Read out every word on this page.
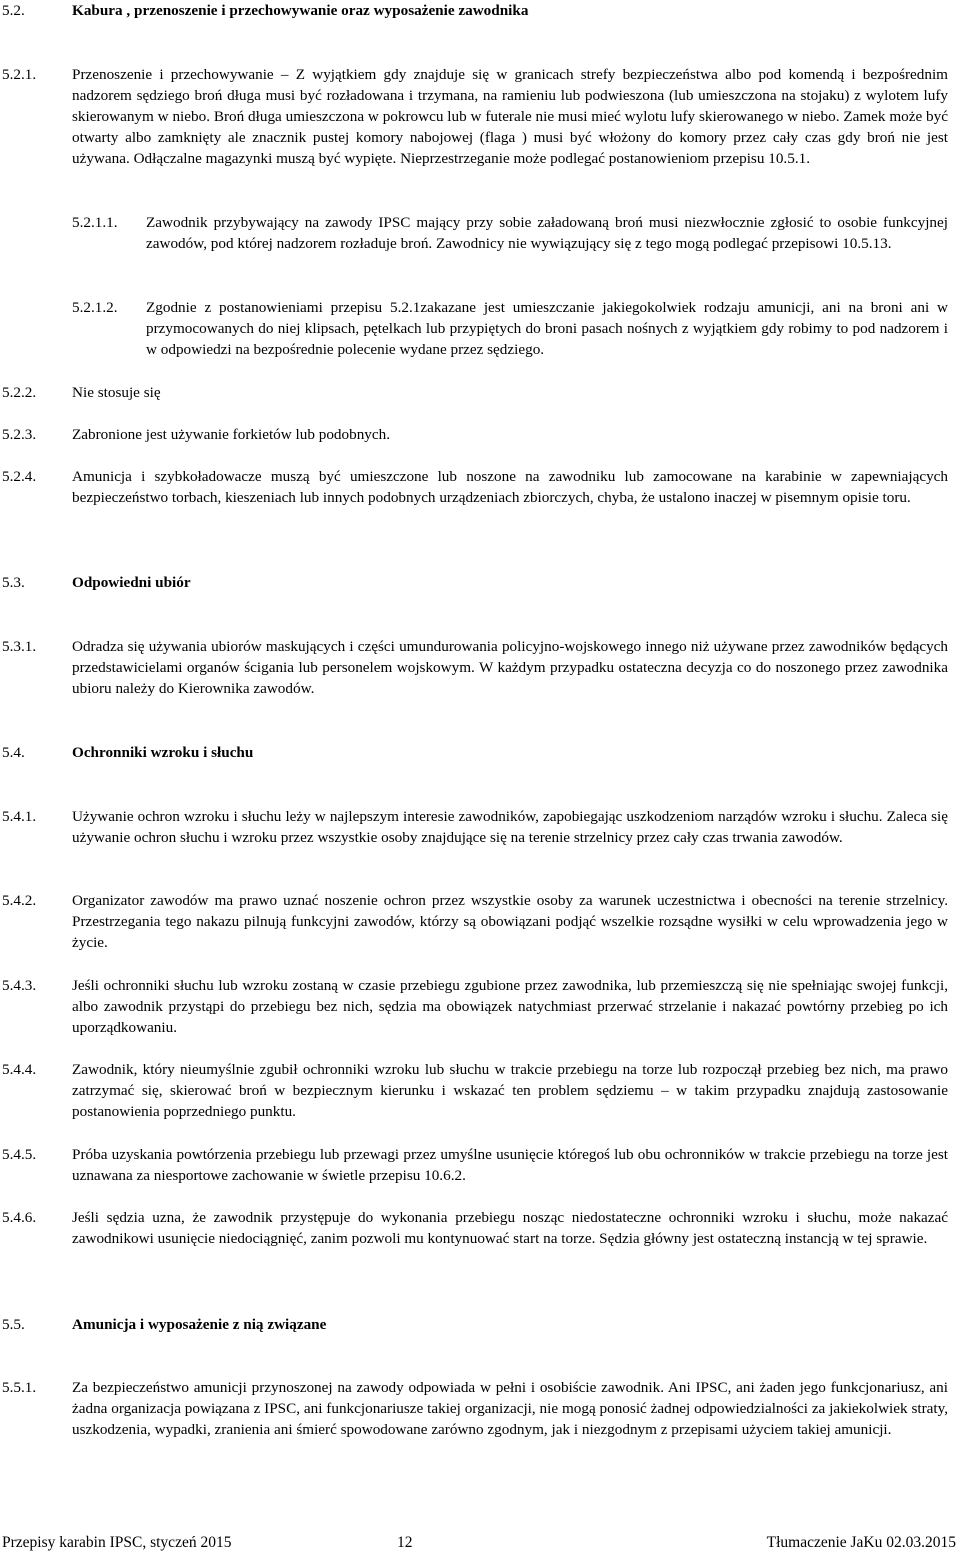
5.2.	Kabura , przenoszenie i przechowywanie oraz wyposażenie zawodnika
5.2.1. Przenoszenie i przechowywanie – Z wyjątkiem gdy znajduje się w granicach strefy bezpieczeństwa albo pod komendą i bezpośrednim nadzorem sędziego broń długa musi być rozładowana i trzymana, na ramieniu lub podwieszona (lub umieszczona na stojaku) z wylotem lufy skierowanym w niebo. Broń długa umieszczona w pokrowcu lub w futerale nie musi mieć wylotu lufy skierowanego w niebo. Zamek może być otwarty albo zamknięty ale znacznik pustej komory nabojowej (flaga ) musi być włożony do komory przez cały czas gdy broń nie jest używana. Odłączalne magazynki muszą być wypięte. Nieprzestrzeganie może podlegać postanowieniom przepisu 10.5.1.
5.2.1.1. Zawodnik przybywający na zawody IPSC mający przy sobie załadowaną broń musi niezwłocznie zgłosić to osobie funkcyjnej zawodów, pod której nadzorem rozładuje broń. Zawodnicy nie wywiązujący się z tego mogą podlegać przepisowi 10.5.13.
5.2.1.2. Zgodnie z postanowieniami przepisu 5.2.1zakazane jest umieszczanie jakiegokolwiek rodzaju amunicji, ani na broni ani w przymocowanych do niej klipsach, pętelkach lub przypiętych do broni pasach nośnych z wyjątkiem gdy robimy to pod nadzorem i w odpowiedzi na bezpośrednie polecenie wydane przez sędziego.
5.2.2. Nie stosuje się
5.2.3. Zabronione jest używanie forkietów lub podobnych.
5.2.4. Amunicja i szybkoładowacze muszą być umieszczone lub noszone na zawodniku lub zamocowane na karabinie w zapewniających bezpieczeństwo torbach, kieszeniach lub innych podobnych urządzeniach zbiorczych, chyba, że ustalono inaczej w pisemnym opisie toru.
5.3.	Odpowiedni ubiór
5.3.1. Odradza się używania ubiorów maskujących i części umundurowania policyjno-wojskowego innego niż używane przez zawodników będących przedstawicielami organów ścigania lub personelem wojskowym. W każdym przypadku ostateczna decyzja co do noszonego przez zawodnika ubioru należy do Kierownika zawodów.
5.4.	Ochronniki wzroku i słuchu
5.4.1. Używanie ochron wzroku i słuchu leży w najlepszym interesie zawodników, zapobiegając uszkodzeniom narządów wzroku i słuchu. Zaleca się używanie ochron słuchu i wzroku przez wszystkie osoby znajdujące się na terenie strzelnicy przez cały czas trwania zawodów.
5.4.2. Organizator zawodów ma prawo uznać noszenie ochron przez wszystkie osoby za warunek uczestnictwa i obecności na terenie strzelnicy. Przestrzegania tego nakazu pilnują funkcyjni zawodów, którzy są obowiązani podjąć wszelkie rozsądne wysiłki w celu wprowadzenia jego w życie.
5.4.3. Jeśli ochronniki słuchu lub wzroku zostaną w czasie przebiegu zgubione przez zawodnika, lub przemieszczą się nie spełniając swojej funkcji, albo zawodnik przystąpi do przebiegu bez nich, sędzia ma obowiązek natychmiast przerwać strzelanie i nakazać powtórny przebieg po ich uporządkowaniu.
5.4.4. Zawodnik, który nieumyślnie zgubił ochronniki wzroku lub słuchu w trakcie przebiegu na torze lub rozpoczął przebieg bez nich, ma prawo zatrzymać się, skierować broń w bezpiecznym kierunku i wskazać ten problem sędziemu – w takim przypadku znajdują zastosowanie postanowienia poprzedniego punktu.
5.4.5. Próba uzyskania powtórzenia przebiegu lub przewagi przez umyślne usunięcie któregoś lub obu ochronników w trakcie przebiegu na torze jest uznawana za niesportowe zachowanie w świetle przepisu 10.6.2.
5.4.6. Jeśli sędzia uzna, że zawodnik przystępuje do wykonania przebiegu nosząc niedostateczne ochronniki wzroku i słuchu, może nakazać zawodnikowi usunięcie niedociągnięć, zanim pozwoli mu kontynuować start na torze. Sędzia główny jest ostateczną instancją w tej sprawie.
5.5.	Amunicja i wyposażenie z nią związane
5.5.1. Za bezpieczeństwo amunicji przynoszonej na zawody odpowiada w pełni i osobiście zawodnik. Ani IPSC, ani żaden jego funkcjonariusz, ani żadna organizacja powiązana z IPSC, ani funkcjonariusze takiej organizacji, nie mogą ponosić żadnej odpowiedzialności za jakiekolwiek straty, uszkodzenia, wypadki, zranienia ani śmierć spowodowane zarówno zgodnym, jak i niezgodnym z przepisami użyciem takiej amunicji.
Przepisy karabin IPSC, styczeń 2015	12	Tłumaczenie JaKu 02.03.2015
